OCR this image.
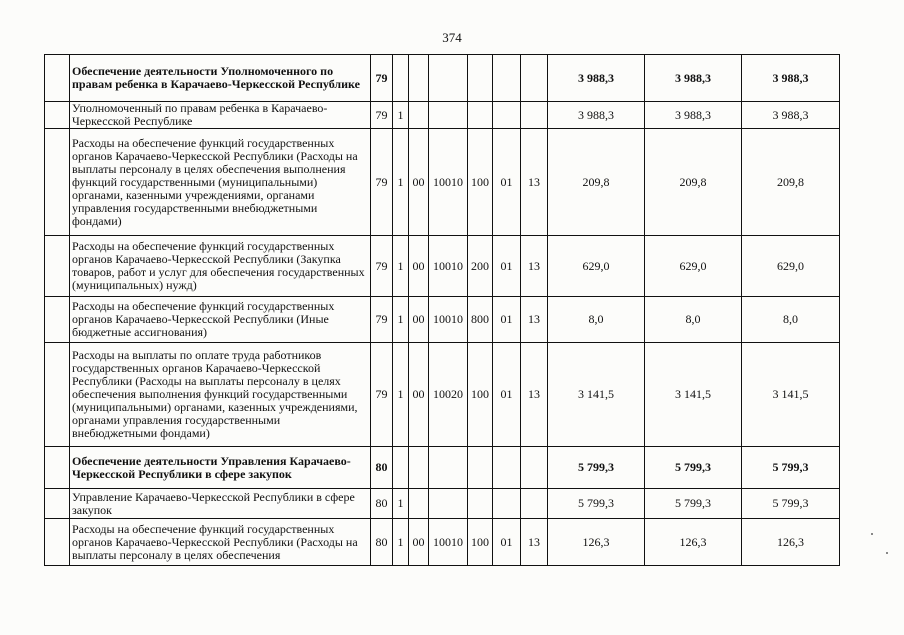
374
	Обеспечение деятельности Уполномоченного по правам ребенка в Карачаево-Черкесской Республике	79							3 988,3	3 988,3	3 988,3
	Уполномоченный по правам ребенка в Карачаево-Черкесской Республике	79	1						3 988,3	3 988,3	3 988,3
	Расходы на обеспечение функций государственных органов Карачаево-Черкесской Республики (Расходы на выплаты персоналу в целях обеспечения выполнения функций государственными (муниципальными) органами, казенными учреждениями, органами управления государственными внебюджетными фондами)	79	1	00	10010	100	01	13	209,8	209,8	209,8
	Расходы на обеспечение функций государственных органов Карачаево-Черкесской Республики (Закупка товаров, работ и услуг для обеспечения государственных (муниципальных) нужд)	79	1	00	10010	200	01	13	629,0	629,0	629,0
	Расходы на обеспечение функций государственных органов Карачаево-Черкесской Республики (Иные бюджетные ассигнования)	79	1	00	10010	800	01	13	8,0	8,0	8,0
	Расходы на выплаты по оплате труда работников государственных органов Карачаево-Черкесской Республики (Расходы на выплаты персоналу в целях обеспечения выполнения функций государственными (муниципальными) органами, казенных учреждениями, органами управления государственными внебюджетными фондами)	79	1	00	10020	100	01	13	3 141,5	3 141,5	3 141,5
	Обеспечение деятельности Управления Карачаево-Черкесской Республики в сфере закупок	80							5 799,3	5 799,3	5 799,3
	Управление Карачаево-Черкесской Республики в сфере закупок	80	1						5 799,3	5 799,3	5 799,3
	Расходы на обеспечение функций государственных органов Карачаево-Черкесской Республики (Расходы на выплаты персоналу в целях обеспечения	80	1	00	10010	100	01	13	126,3	126,3	126,3
